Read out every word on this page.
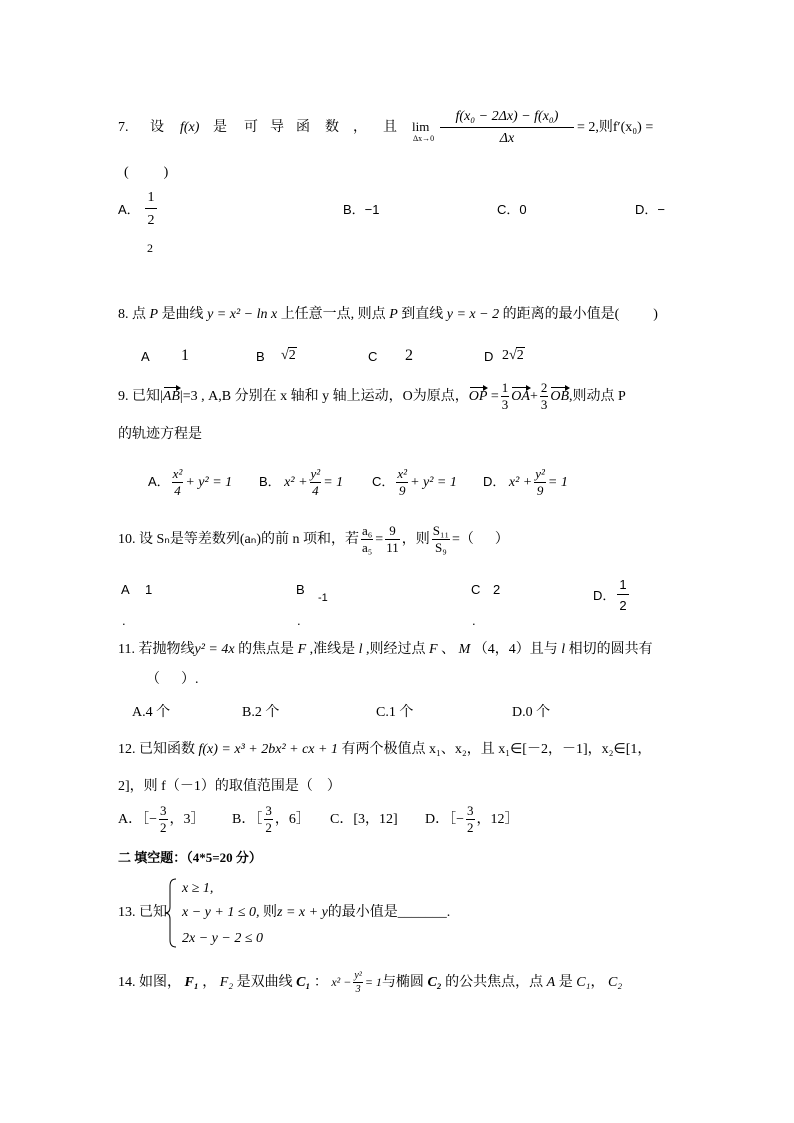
7. 设 f(x) 是 可 导 函 数 ， 且 lim
Δx→0
f(x₀ − 2Δx) − f(x₀)
Δx
= 2,则f′(x₀) =
(          )
A．
1
2
2
B．−1	C．0	D．−
8. 点 P 是曲线 y = x² − ln x 上任意一点, 则点 P 到直线 y = x − 2 的距离的最小值是( )
A 1	B √2	C 2	D 2√2
9. 已知|
AB|=3 , A,B 分别在 x 轴和 y 轴上运动，O为原点，
OP = $\frac{1}{3} OA+ \frac{2}{3}$ OB,则动点 P
的轨迹方程是
A． $\frac{\text{x²}}{4} + y^2 = 1$ B． $x^2 + \frac{\text{y²}}{4} = 1$ C． $\frac{\text{x²}}{9} + y^2 = 1$ D． $x^2 + \frac{\text{y²}}{9} = 1$
10. 设 Sₙ是等差数列(aₙ)的前 n 项和，若 $\frac{\text{a₆}}{\text{a₅}} = \frac{9}{11}$ ，则 $\frac{\text{S₁₁}}{\text{S₉}}$ =（      ）
A 1
.
B
-1
.
C 2
.
D．
1
2
11. 若抛物线y² = 4x 的焦点是 F ,准线是 l ,则经过点 F 、 M （4，4）且与 l 相切的圆共有
（      ）.
A.4 个	B.2 个	C.1 个	D.0 个
12. 已知函数 f(x) = x³ + 2bx² + cx + 1 有两个极值点 x₁、x₂，且 x₁∈[－2，－1]，x₂∈[1，
2]，则 f（－1）的取值范围是（    ）
A．［− $\frac{3}{2}$ ，3］ B．［ $\frac{3}{2}$ ，6］ C．[3，12] D．［− $\frac{3}{2}$ ，12］
二 填空题：（4*5=20 分）
13. 已知
x ≥ 1,
x − y + 1 ≤ 0, 则z = x + y的最小值是_______.
2x − y − 2 ≤ 0
14. 如图， F₁ ， F₂ 是双曲线 C₁ ： $x^2 - \frac{\text{y²}}{3} = 1$与椭圆 C₂ 的公共焦点，点 A 是 C₁， C₂
